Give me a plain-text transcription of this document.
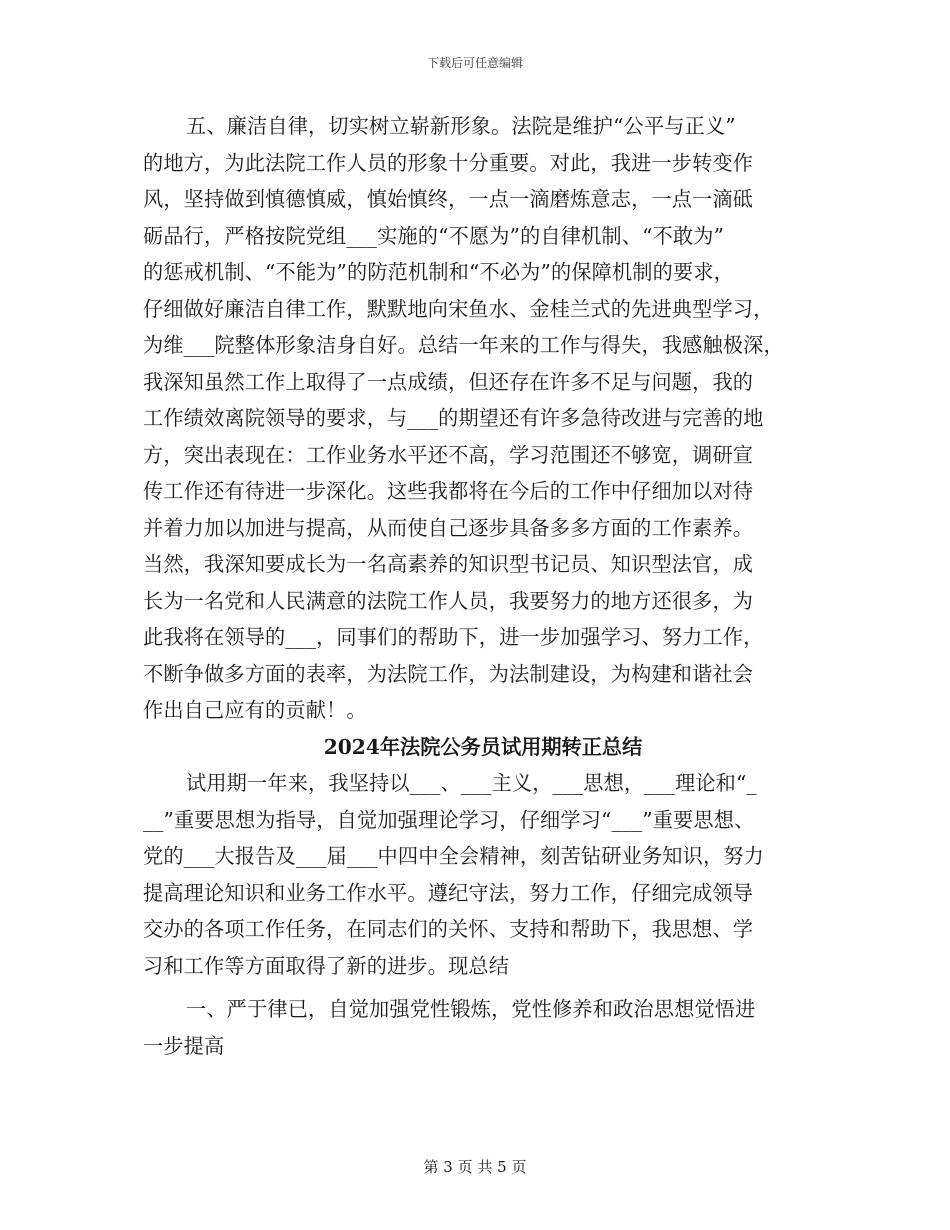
下载后可任意编辑
五、廉洁自律，切实树立崭新形象。法院是维护“公平与正义”
的地方，为此法院工作人员的形象十分重要。对此，我进一步转变作
风，坚持做到慎德慎威，慎始慎终，一点一滴磨炼意志，一点一滴砥
砺品行，严格按院党组___实施的“不愿为”的自律机制、“不敢为”
的惩戒机制、“不能为”的防范机制和“不必为”的保障机制的要求，
仔细做好廉洁自律工作，默默地向宋鱼水、金桂兰式的先进典型学习，
为维___院整体形象洁身自好。总结一年来的工作与得失，我感触极深，
我深知虽然工作上取得了一点成绩，但还存在许多不足与问题，我的
工作绩效离院领导的要求，与___的期望还有许多急待改进与完善的地
方，突出表现在：工作业务水平还不高，学习范围还不够宽，调研宣
传工作还有待进一步深化。这些我都将在今后的工作中仔细加以对待
并着力加以加进与提高，从而使自己逐步具备多多方面的工作素养。
当然，我深知要成长为一名高素养的知识型书记员、知识型法官，成
长为一名党和人民满意的法院工作人员，我要努力的地方还很多，为
此我将在领导的___，同事们的帮助下，进一步加强学习、努力工作，
不断争做多方面的表率，为法院工作，为法制建设，为构建和谐社会
作出自己应有的贡献！。
2024年法院公务员试用期转正总结
试用期一年来，我坚持以___、___主义，___思想，___理论和“_
__”重要思想为指导，自觉加强理论学习，仔细学习“___”重要思想、
党的___大报告及___届___中四中全会精神，刻苦钻研业务知识，努力
提高理论知识和业务工作水平。遵纪守法，努力工作，仔细完成领导
交办的各项工作任务，在同志们的关怀、支持和帮助下，我思想、学
习和工作等方面取得了新的进步。现总结
一、严于律已，自觉加强党性锻炼，党性修养和政治思想觉悟进
一步提高
第 3 页 共 5 页
